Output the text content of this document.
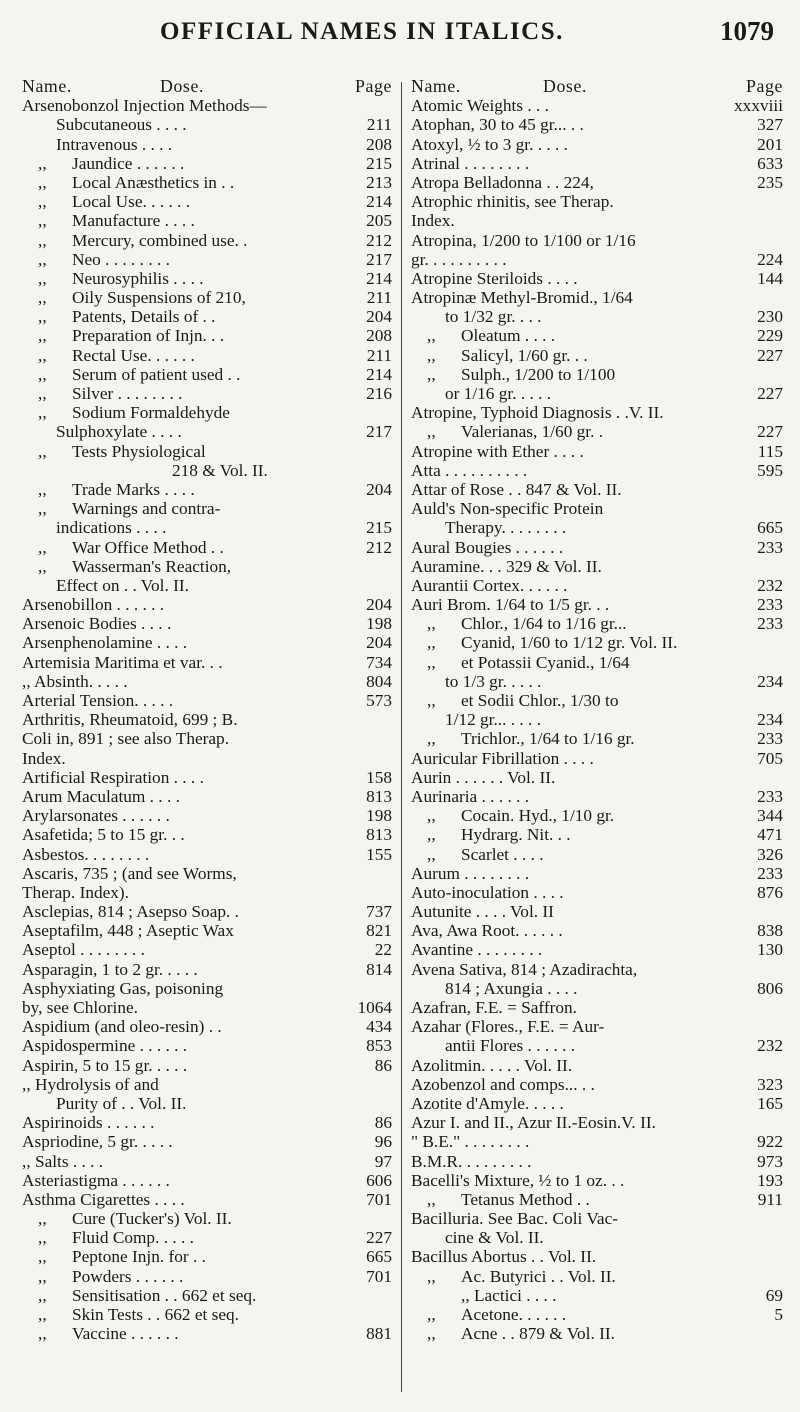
OFFICIAL NAMES IN ITALICS.	1079
Name.	Dose.	Page
Arsenobonzol Injection Methods—
Subcutaneous . . . .	211
Intravenous . . . .	208
,, Jaundice . . . . . .	215
,, Local Anæsthetics in . .	213
,, Local Use. . . . . .	214
,, Manufacture . . . .	205
,, Mercury, combined use. .	212
,, Neo . . . . . . . .	217
,, Neurosyphilis . . . .	214
,, Oily Suspensions of 210,	211
,, Patents, Details of . .	204
,, Preparation of Injn. . .	208
,, Rectal Use. . . . . .	211
,, Serum of patient used . .	214
,, Silver . . . . . . . .	216
,, Sodium Formaldehyde
Sulphoxylate . . . .	217
,, Tests Physiological
218 & Vol. II.
,, Trade Marks . . . .	204
,, Warnings and contra-
indications . . . .	215
,, War Office Method . .	212
,, Wasserman's Reaction,
Effect on . . Vol. II.
Arsenobillon . . . . . .	204
Arsenoic Bodies . . . .	198
Arsenphenolamine . . . .	204
Artemisia Maritima et var. . .	734
,, Absinth. . . . .	804
Arterial Tension. . . . .	573
Arthritis, Rheumatoid, 699 ; B.
Coli in, 891 ; see also Therap.
Index.
Artificial Respiration . . . .	158
Arum Maculatum . . . .	813
Arylarsonates . . . . . .	198
Asafetida; 5 to 15 gr. . .	813
Asbestos. . . . . . . .	155
Ascaris, 735 ; (and see Worms,
Therap. Index).
Asclepias, 814 ; Asepso Soap. .	737
Aseptafilm, 448 ; Aseptic Wax	821
Aseptol . . . . . . . .	22
Asparagin, 1 to 2 gr. . . . .	814
Asphyxiating Gas, poisoning
by, see Chlorine.	1064
Aspidium (and oleo-resin) . .	434
Aspidospermine . . . . . .	853
Aspirin, 5 to 15 gr. . . . .	86
,, Hydrolysis of and
Purity of . . Vol. II.
Aspirinoids . . . . . .	86
Aspriodine, 5 gr. . . . .	96
,, Salts . . . .	97
Asteriastigma . . . . . .	606
Asthma Cigarettes . . . .	701
,, Cure (Tucker's) Vol. II.
,, Fluid Comp. . . . .	227
,, Peptone Injn. for . .	665
,, Powders . . . . . .	701
,, Sensitisation . . 662 et seq.
,, Skin Tests . . 662 et seq.
,, Vaccine . . . . . .	881
Name.	Dose.	Page
Atomic Weights . . .	xxxviii
Atophan, 30 to 45 gr... . .	327
Atoxyl, ½ to 3 gr. . . . .	201
Atrinal . . . . . . . .	633
Atropa Belladonna . . 224,	235
Atrophic rhinitis, see Therap.
Index.
Atropina, 1/200 to 1/100 or 1/16
gr. . . . . . . . . .	224
Atropine Steriloids . . . .	144
Atropinæ Methyl-Bromid., 1/64
to 1/32 gr. . . .	230
,, Oleatum . . . .	229
,, Salicyl, 1/60 gr. . .	227
,, Sulph., 1/200 to 1/100
or 1/16 gr. . . . .	227
Atropine, Typhoid Diagnosis . .V. II.
,, Valerianas, 1/60 gr. .	227
Atropine with Ether . . . .	115
Atta . . . . . . . . . .	595
Attar of Rose . . 847 & Vol. II.
Auld's Non-specific Protein
Therapy. . . . . . . .	665
Aural Bougies . . . . . .	233
Auramine. . . 329 & Vol. II.
Aurantii Cortex. . . . . .	232
Auri Brom. 1/64 to 1/5 gr. . .	233
,, Chlor., 1/64 to 1/16 gr...	233
,, Cyanid, 1/60 to 1/12 gr. Vol. II.
,, et Potassii Cyanid., 1/64
to 1/3 gr. . . . .	234
,, et Sodii Chlor., 1/30 to
1/12 gr... . . . .	234
,, Trichlor., 1/64 to 1/16 gr.	233
Auricular Fibrillation . . . .	705
Aurin . . . . . . Vol. II.
Aurinaria . . . . . .	233
,, Cocain. Hyd., 1/10 gr.	344
,, Hydrarg. Nit. . .	471
,, Scarlet . . . .	326
Aurum . . . . . . . .	233
Auto-inoculation . . . .	876
Autunite . . . . Vol. II
Ava, Awa Root. . . . . .	838
Avantine . . . . . . . .	130
Avena Sativa, 814 ; Azadirachta,
814 ; Axungia . . . .	806
Azafran, F.E. = Saffron.
Azahar (Flores., F.E. = Aur-
antii Flores . . . . . .	232
Azolitmin. . . . . Vol. II.
Azobenzol and comps... . .	323
Azotite d'Amyle. . . . .	165
Azur I. and II., Azur II.-Eosin.V. II.
" B.E." . . . . . . . .	922
B.M.R. . . . . . . . .	973
Bacelli's Mixture, ½ to 1 oz. . .	193
,, Tetanus Method . .	911
Bacilluria. See Bac. Coli Vac-
cine & Vol. II.
Bacillus Abortus . . Vol. II.
,, Ac. Butyrici . . Vol. II.
,, Lactici . . . .	69
,, Acetone. . . . . .	5
,, Acne . . 879 & Vol. II.
